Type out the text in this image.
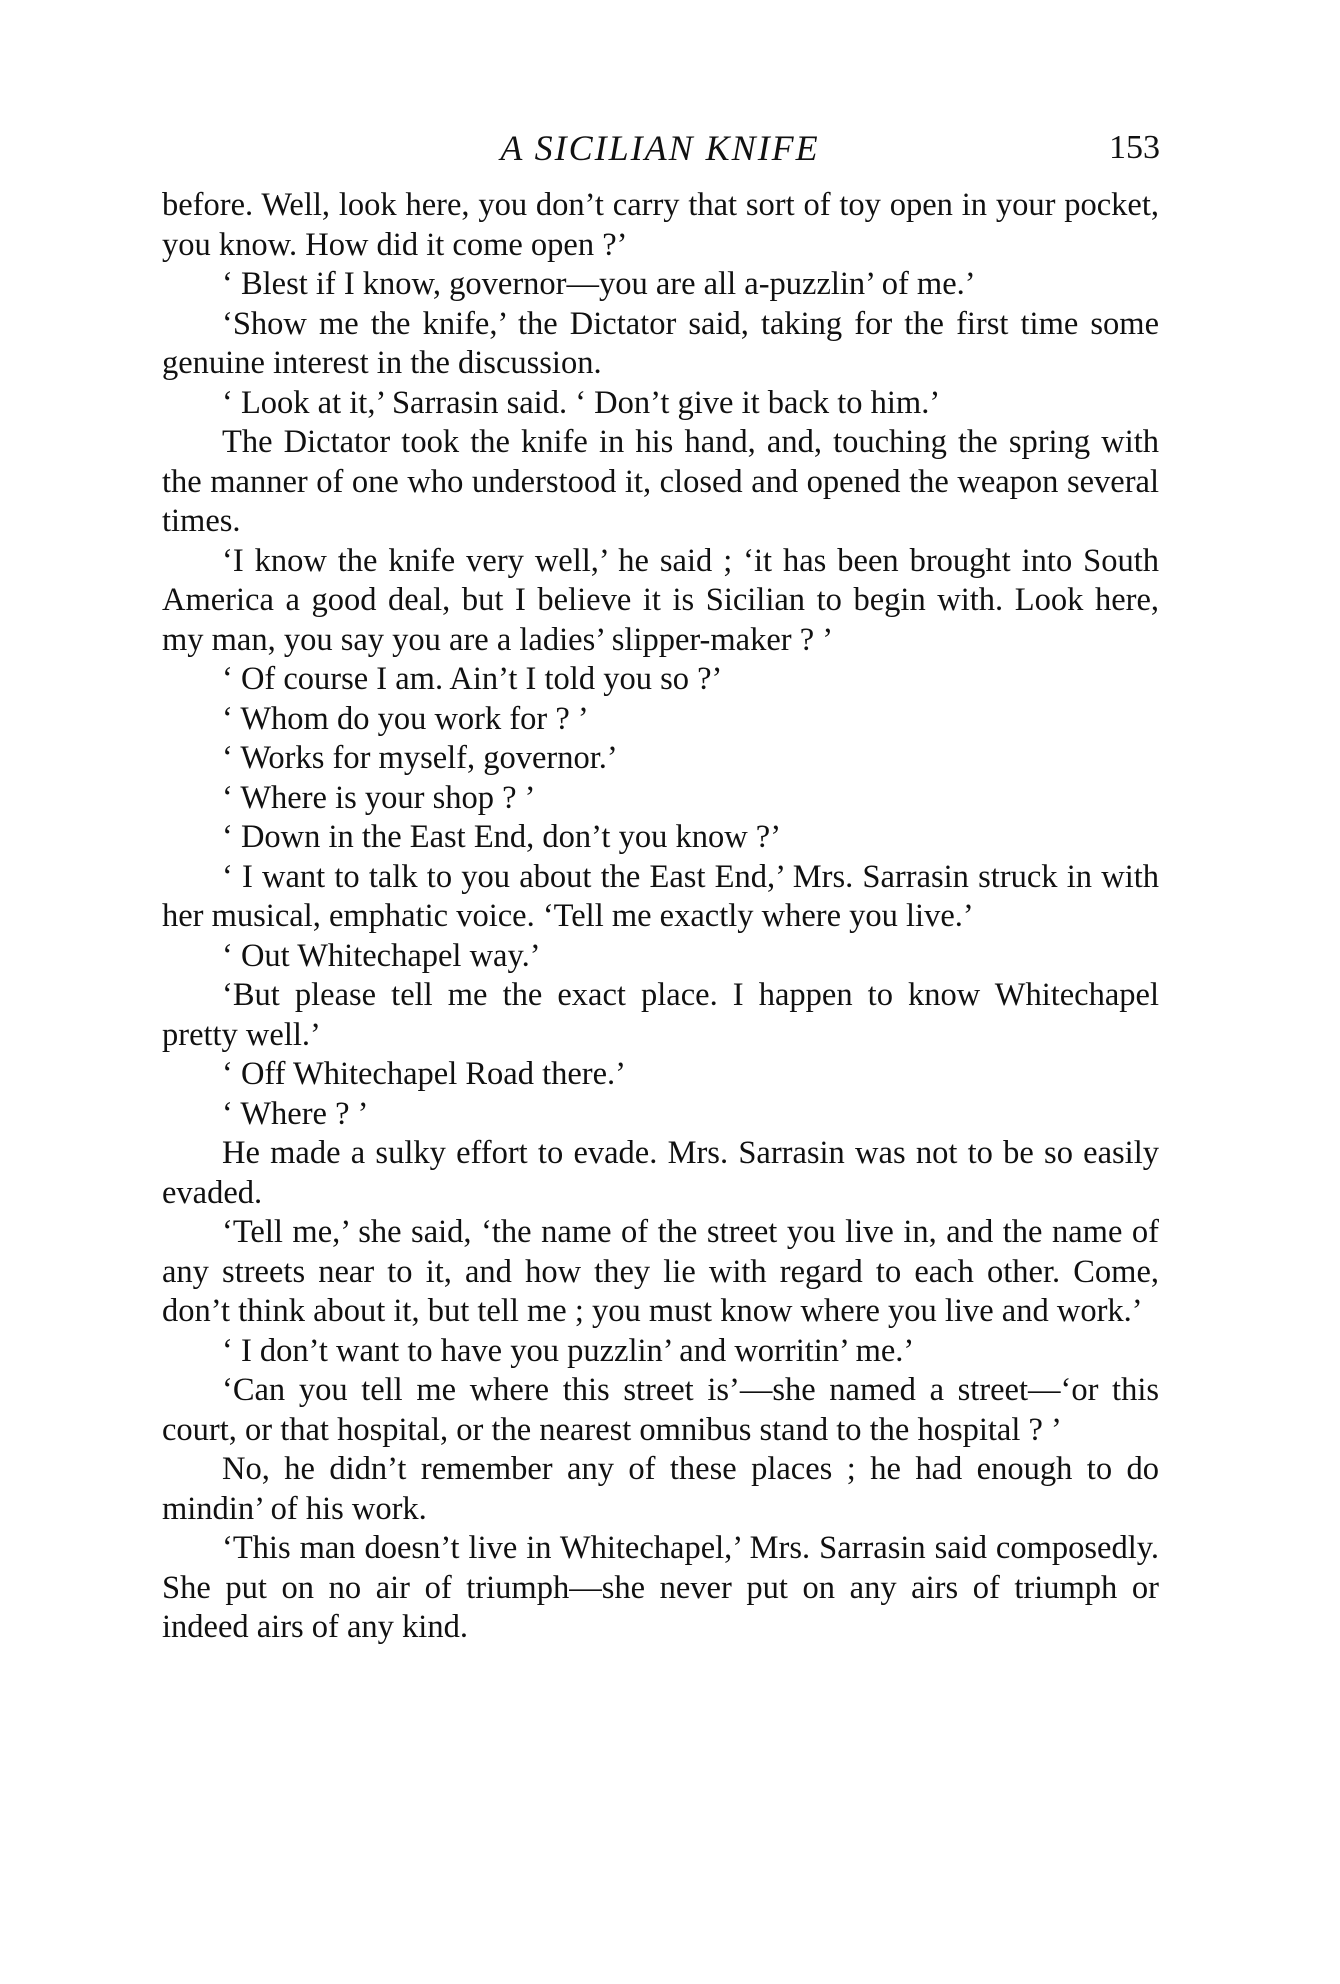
A SICILIAN KNIFE	153

before. Well, look here, you don’t carry that sort of toy open in your pocket, you know. How did it come open ?’

‘ Blest if I know, governor—you are all a-puzzlin’ of me.’

‘Show me the knife,’ the Dictator said, taking for the first time some genuine interest in the discussion.

‘ Look at it,’ Sarrasin said. ‘ Don’t give it back to him.’

The Dictator took the knife in his hand, and, touching the spring with the manner of one who understood it, closed and opened the weapon several times.

‘I know the knife very well,’ he said ; ‘it has been brought into South America a good deal, but I believe it is Sicilian to begin with. Look here, my man, you say you are a ladies’ slipper-maker ? ’

‘ Of course I am. Ain’t I told you so ?’

‘ Whom do you work for ? ’

‘ Works for myself, governor.’

‘ Where is your shop ? ’

‘ Down in the East End, don’t you know ?’

‘ I want to talk to you about the East End,’ Mrs. Sarrasin struck in with her musical, emphatic voice. ‘Tell me exactly where you live.’

‘ Out Whitechapel way.’

‘But please tell me the exact place. I happen to know Whitechapel pretty well.’

‘ Off Whitechapel Road there.’

‘ Where ? ’

He made a sulky effort to evade. Mrs. Sarrasin was not to be so easily evaded.

‘Tell me,’ she said, ‘the name of the street you live in, and the name of any streets near to it, and how they lie with regard to each other. Come, don’t think about it, but tell me ; you must know where you live and work.’

‘ I don’t want to have you puzzlin’ and worritin’ me.’

‘Can you tell me where this street is’—she named a street—‘or this court, or that hospital, or the nearest omnibus stand to the hospital ? ’

No, he didn’t remember any of these places ; he had enough to do mindin’ of his work.

‘This man doesn’t live in Whitechapel,’ Mrs. Sarrasin said composedly. She put on no air of triumph—she never put on any airs of triumph or indeed airs of any kind.
